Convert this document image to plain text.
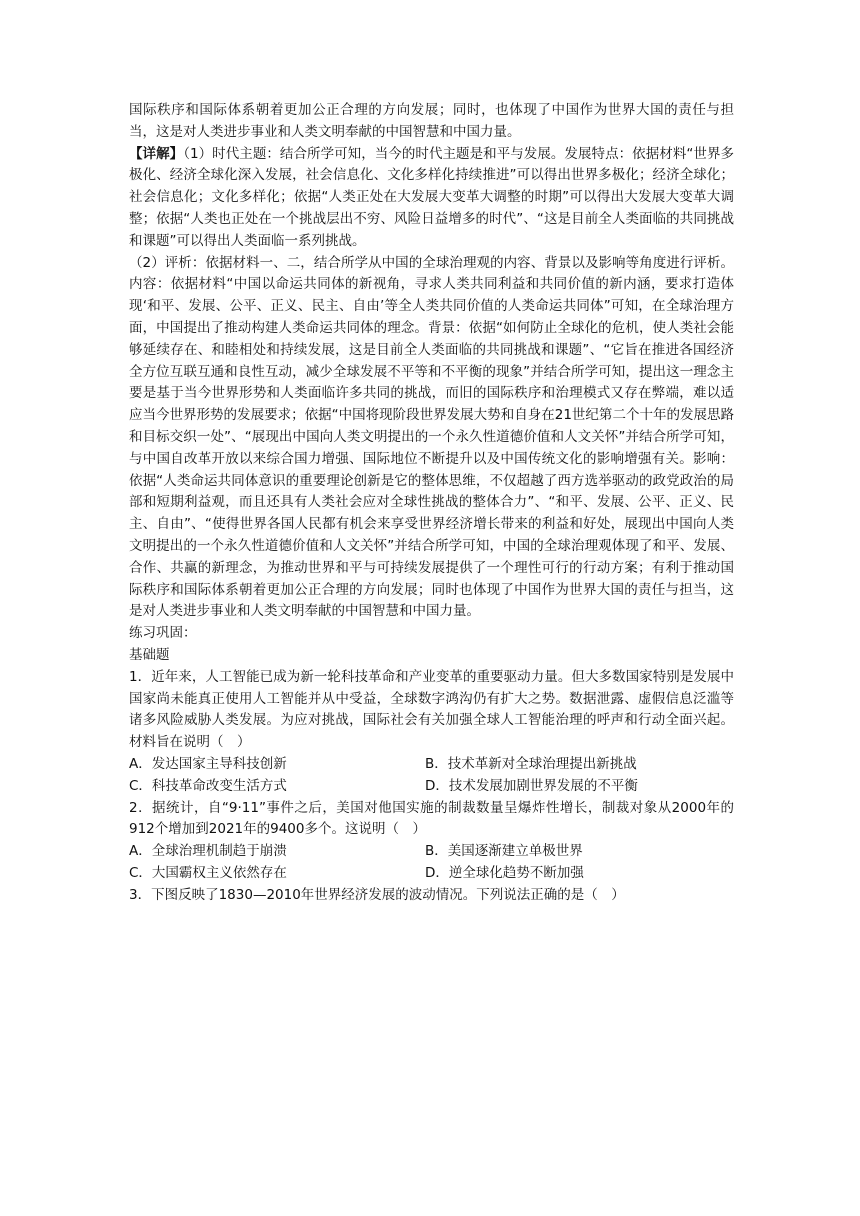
国际秩序和国际体系朝着更加公正合理的方向发展；同时，也体现了中国作为世界大国的责任与担当，这是对人类进步事业和人类文明奉献的中国智慧和中国力量。

【详解】（1）时代主题：结合所学可知，当今的时代主题是和平与发展。发展特点：依据材料“世界多极化、经济全球化深入发展，社会信息化、文化多样化持续推进”可以得出世界多极化；经济全球化；社会信息化；文化多样化；依据“人类正处在大发展大变革大调整的时期”可以得出大发展大变革大调整；依据“人类也正处在一个挑战层出不穷、风险日益增多的时代”、“这是目前全人类面临的共同挑战和课题”可以得出人类面临一系列挑战。

（2）评析：依据材料一、二，结合所学从中国的全球治理观的内容、背景以及影响等角度进行评析。内容：依据材料“中国以命运共同体的新视角，寻求人类共同利益和共同价值的新内涵，要求打造体现‘和平、发展、公平、正义、民主、自由’等全人类共同价值的人类命运共同体”可知，在全球治理方面，中国提出了推动构建人类命运共同体的理念。背景：依据“如何防止全球化的危机，使人类社会能够延续存在、和睦相处和持续发展，这是目前全人类面临的共同挑战和课题”、“它旨在推进各国经济全方位互联互通和良性互动，减少全球发展不平等和不平衡的现象”并结合所学可知，提出这一理念主要是基于当今世界形势和人类面临许多共同的挑战，而旧的国际秩序和治理模式又存在弊端，难以适应当今世界形势的发展要求；依据“中国将现阶段世界发展大势和自身在21世纪第二个十年的发展思路和目标交织一处”、“展现出中国向人类文明提出的一个永久性道德价值和人文关怀”并结合所学可知，与中国自改革开放以来综合国力增强、国际地位不断提升以及中国传统文化的影响增强有关。影响：依据“人类命运共同体意识的重要理论创新是它的整体思维，不仅超越了西方选举驱动的政党政治的局部和短期利益观，而且还具有人类社会应对全球性挑战的整体合力”、“和平、发展、公平、正义、民主、自由”、“使得世界各国人民都有机会来享受世界经济增长带来的利益和好处，展现出中国向人类文明提出的一个永久性道德价值和人文关怀”并结合所学可知，中国的全球治理观体现了和平、发展、合作、共赢的新理念，为推动世界和平与可持续发展提供了一个理性可行的行动方案；有利于推动国际秩序和国际体系朝着更加公正合理的方向发展；同时也体现了中国作为世界大国的责任与担当，这是对人类进步事业和人类文明奉献的中国智慧和中国力量。

练习巩固：

基础题

1．近年来，人工智能已成为新一轮科技革命和产业变革的重要驱动力量。但大多数国家特别是发展中国家尚未能真正使用人工智能并从中受益，全球数字鸿沟仍有扩大之势。数据泄露、虚假信息泛滥等诸多风险威胁人类发展。为应对挑战，国际社会有关加强全球人工智能治理的呼声和行动全面兴起。材料旨在说明（　）

A．发达国家主导科技创新	B．技术革新对全球治理提出新挑战
C．科技革命改变生活方式	D．技术发展加剧世界发展的不平衡

2．据统计，自“9·11”事件之后，美国对他国实施的制裁数量呈爆炸性增长，制裁对象从2000年的912个增加到2021年的9400多个。这说明（　）

A．全球治理机制趋于崩溃	B．美国逐渐建立单极世界
C．大国霸权主义依然存在	D．逆全球化趋势不断加强

3．下图反映了1830—2010年世界经济发展的波动情况。下列说法正确的是（　）
